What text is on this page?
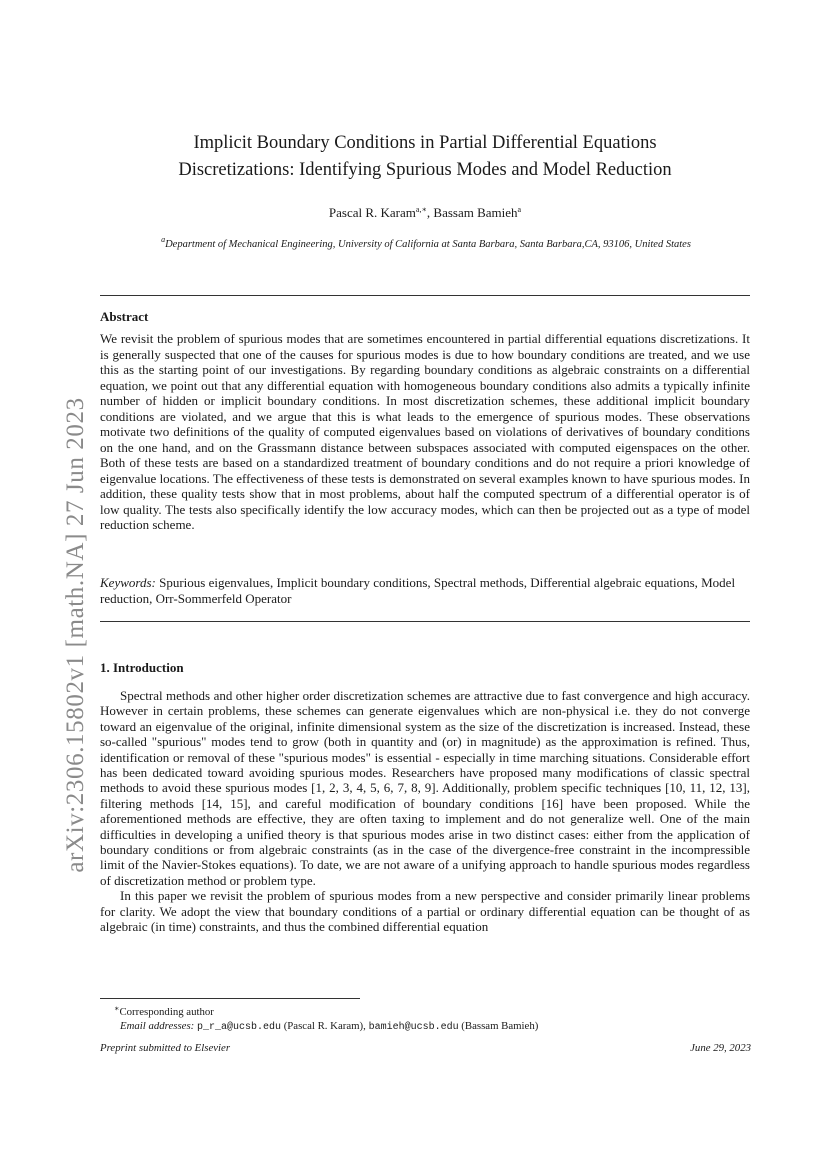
arXiv:2306.15802v1 [math.NA] 27 Jun 2023
Implicit Boundary Conditions in Partial Differential Equations
Discretizations: Identifying Spurious Modes and Model Reduction
Pascal R. Karam$^{a,∗}$, Bassam Bamieh$^a$
$^a$Department of Mechanical Engineering, University of California at Santa Barbara, Santa Barbara,CA, 93106, United States
Abstract
We revisit the problem of spurious modes that are sometimes encountered in partial differential equations discretizations. It is generally suspected that one of the causes for spurious modes is due to how boundary conditions are treated, and we use this as the starting point of our investigations. By regarding boundary conditions as algebraic constraints on a differential equation, we point out that any differential equation with homogeneous boundary conditions also admits a typically infinite number of hidden or implicit boundary conditions. In most discretization schemes, these additional implicit boundary conditions are violated, and we argue that this is what leads to the emergence of spurious modes. These observations motivate two definitions of the quality of computed eigenvalues based on violations of derivatives of boundary conditions on the one hand, and on the Grassmann distance between subspaces associated with computed eigenspaces on the other. Both of these tests are based on a standardized treatment of boundary conditions and do not require a priori knowledge of eigenvalue locations. The effectiveness of these tests is demonstrated on several examples known to have spurious modes. In addition, these quality tests show that in most problems, about half the computed spectrum of a differential operator is of low quality. The tests also specifically identify the low accuracy modes, which can then be projected out as a type of model reduction scheme.
Keywords: Spurious eigenvalues, Implicit boundary conditions, Spectral methods, Differential algebraic equations, Model reduction, Orr-Sommerfeld Operator
1. Introduction

Spectral methods and other higher order discretization schemes are attractive due to fast convergence and high accuracy. However in certain problems, these schemes can generate eigenvalues which are non-physical i.e. they do not converge toward an eigenvalue of the original, infinite dimensional system as the size of the discretization is increased. Instead, these so-called "spurious" modes tend to grow (both in quantity and (or) in magnitude) as the approximation is refined. Thus, identification or removal of these "spurious modes" is essential - especially in time marching situations. Considerable effort has been dedicated toward avoiding spurious modes. Researchers have proposed many modifications of classic spectral methods to avoid these spurious modes [1, 2, 3, 4, 5, 6, 7, 8, 9]. Additionally, problem specific techniques [10, 11, 12, 13], filtering methods [14, 15], and careful modification of boundary conditions [16] have been proposed. While the aforementioned methods are effective, they are often taxing to implement and do not generalize well. One of the main difficulties in developing a unified theory is that spurious modes arise in two distinct cases: either from the application of boundary conditions or from algebraic constraints (as in the case of the divergence-free constraint in the incompressible limit of the Navier-Stokes equations). To date, we are not aware of a unifying approach to handle spurious modes regardless of discretization method or problem type.

In this paper we revisit the problem of spurious modes from a new perspective and consider primarily linear problems for clarity. We adopt the view that boundary conditions of a partial or ordinary differential equation can be thought of as algebraic (in time) constraints, and thus the combined differential equation

∗Corresponding author
Email addresses: p_r_a@ucsb.edu (Pascal R. Karam), bamieh@ucsb.edu (Bassam Bamieh)
Preprint submitted to Elsevier	June 29, 2023
